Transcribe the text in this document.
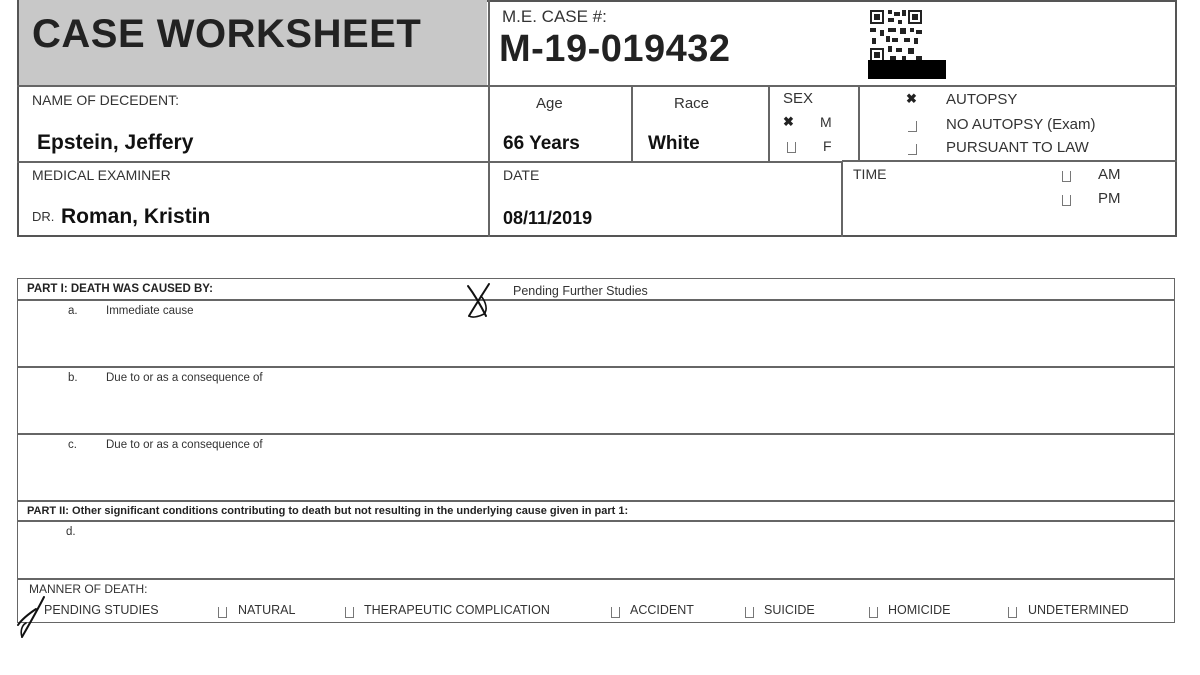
CASE WORKSHEET	M.E. CASE #:
M-19-019432
NAME OF DECEDENT:
Epstein, Jeffery
Age
66 Years
Race
White
SEX
✖ M
F
✖ AUTOPSY
NO AUTOPSY (Exam)
PURSUANT TO LAW
MEDICAL EXAMINER
DR. Roman, Kristin
DATE
08/11/2019
TIME	AM
PM
PART I: DEATH WAS CAUSED BY:	Pending Further Studies
a. Immediate cause
b. Due to or as a consequence of
c.	Due to or as a consequence of
PART II: Other significant conditions contributing to death but not resulting in the underlying cause given in part 1:
d.
MANNER OF DEATH:
PENDING STUDIES	NATURAL	THERAPEUTIC COMPLICATION	ACCIDENT	SUICIDE	HOMICIDE	UNDETERMINED
